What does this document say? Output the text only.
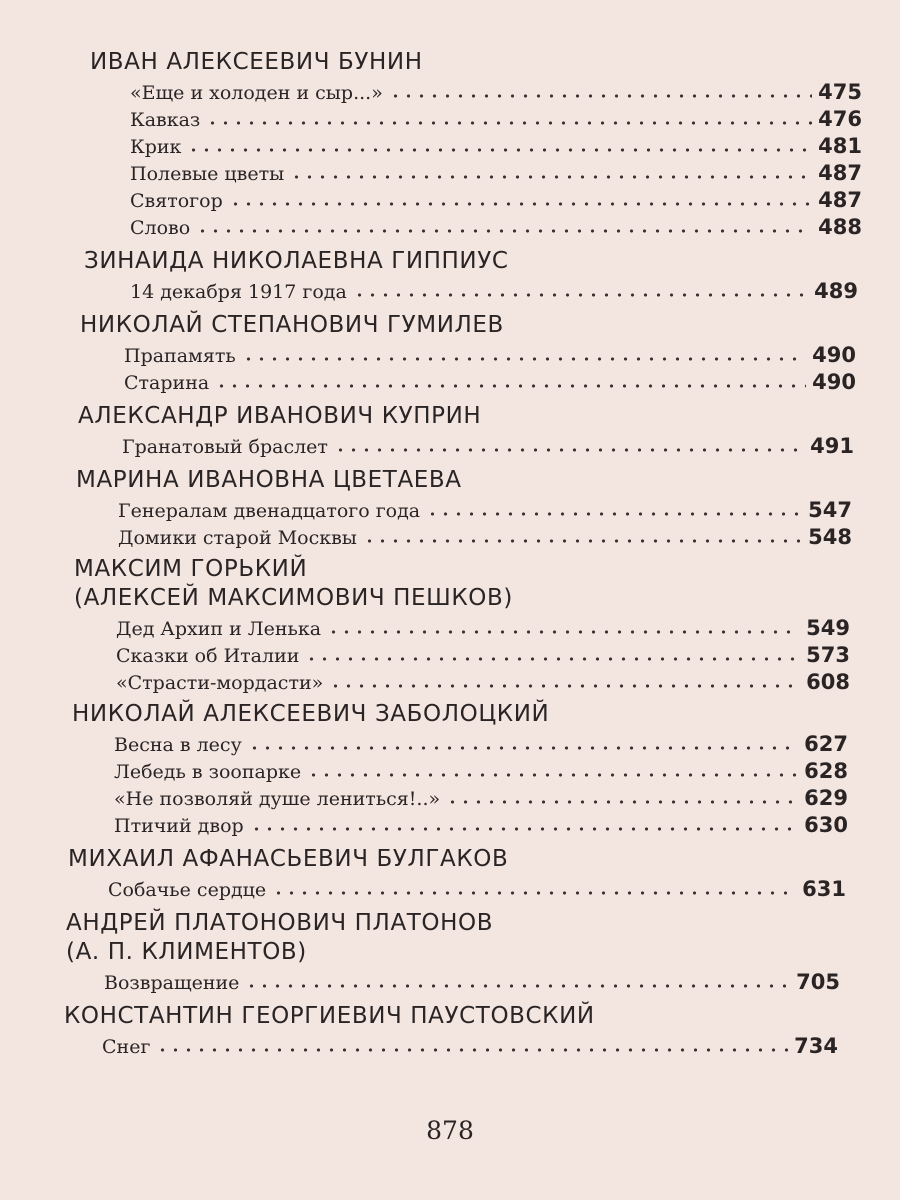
ИВАН АЛЕКСЕЕВИЧ БУНИН
«Еще и холоден и сыр...»	475
Кавказ	476
Крик	481
Полевые цветы	487
Святогор	487
Слово	488
ЗИНАИДА НИКОЛАЕВНА ГИППИУС
14 декабря 1917 года	489
НИКОЛАЙ СТЕПАНОВИЧ ГУМИЛЕВ
Прапамять	490
Старина	490
АЛЕКСАНДР ИВАНОВИЧ КУПРИН
Гранатовый браслет	491
МАРИНА ИВАНОВНА ЦВЕТАЕВА
Генералам двенадцатого года	547
Домики старой Москвы	548
МАКСИМ ГОРЬКИЙ
(АЛЕКСЕЙ МАКСИМОВИЧ ПЕШКОВ)
Дед Архип и Ленька	549
Сказки об Италии	573
«Страсти-мордасти»	608
НИКОЛАЙ АЛЕКСЕЕВИЧ ЗАБОЛОЦКИЙ
Весна в лесу	627
Лебедь в зоопарке	628
«Не позволяй душе лениться!..»	629
Птичий двор	630
МИХАИЛ АФАНАСЬЕВИЧ БУЛГАКОВ
Собачье сердце	631
АНДРЕЙ ПЛАТОНОВИЧ ПЛАТОНОВ
(А. П. КЛИМЕНТОВ)
Возвращение	705
КОНСТАНТИН ГЕОРГИЕВИЧ ПАУСТОВСКИЙ
Снег	734
878
